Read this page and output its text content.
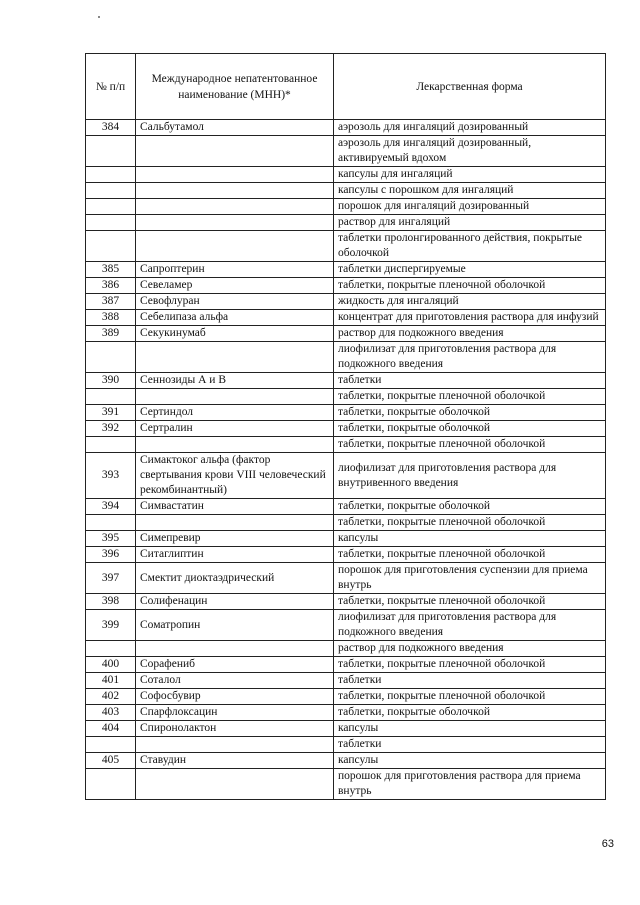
№ п/п	Международное непатентованное наименование (МНН)*	Лекарственная форма
384	Сальбутамол	аэрозоль для ингаляций дозированный
		аэрозоль для ингаляций дозированный, активируемый вдохом
		капсулы для ингаляций
		капсулы с порошком для ингаляций
		порошок для ингаляций дозированный
		раствор для ингаляций
		таблетки пролонгированного действия, покрытые оболочкой
385	Сапроптерин	таблетки диспергируемые
386	Севеламер	таблетки, покрытые пленочной оболочкой
387	Севофлуран	жидкость для ингаляций
388	Себелипаза альфа	концентрат для приготовления раствора для инфузий
389	Секукинумаб	раствор для подкожного введения
		лиофилизат для приготовления раствора для подкожного введения
390	Сеннозиды А и В	таблетки
		таблетки, покрытые пленочной оболочкой
391	Сертиндол	таблетки, покрытые оболочкой
392	Сертралин	таблетки, покрытые оболочкой
		таблетки, покрытые пленочной оболочкой
393	Симактоког альфа (фактор свертывания крови VIII человеческий рекомбинантный)	лиофилизат для приготовления раствора для внутривенного введения
394	Симвастатин	таблетки, покрытые оболочкой
		таблетки, покрытые пленочной оболочкой
395	Симепревир	капсулы
396	Ситаглиптин	таблетки, покрытые пленочной оболочкой
397	Смектит диоктаэдрический	порошок для приготовления суспензии для приема внутрь
398	Солифенацин	таблетки, покрытые пленочной оболочкой
399	Соматропин	лиофилизат для приготовления раствора для подкожного введения
		раствор для подкожного введения
400	Сорафениб	таблетки, покрытые пленочной оболочкой
401	Соталол	таблетки
402	Софосбувир	таблетки, покрытые пленочной оболочкой
403	Спарфлоксацин	таблетки, покрытые оболочкой
404	Спиронолактон	капсулы
		таблетки
405	Ставудин	капсулы
		порошок для приготовления раствора для приема внутрь
63
